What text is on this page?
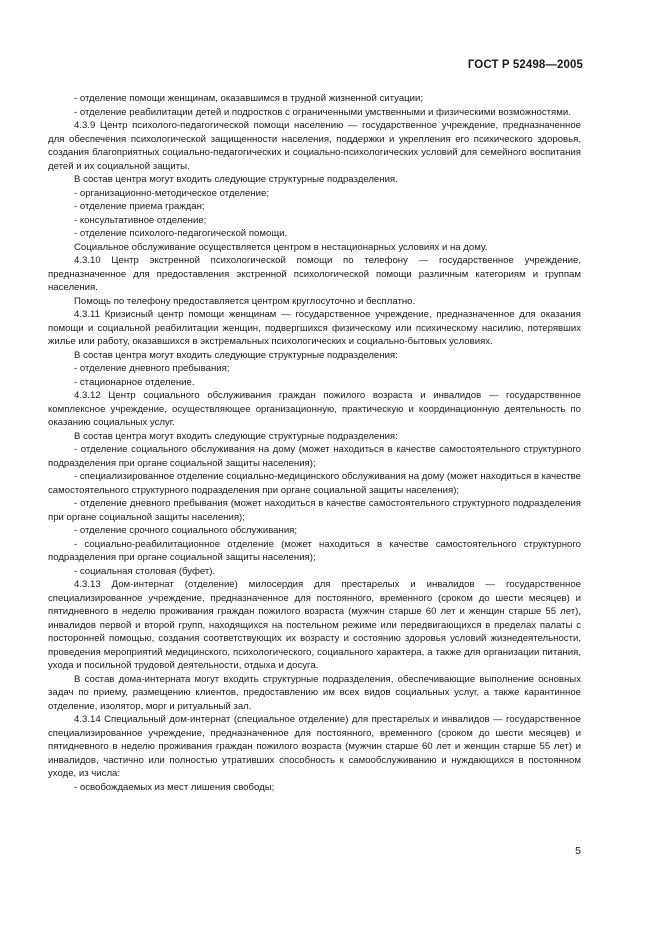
ГОСТ Р 52498—2005

- отделение помощи женщинам, оказавшимся в трудной жизненной ситуации;

- отделение реабилитации детей и подростков с ограниченными умственными и физическими возможностями.

4.3.9 Центр психолого-педагогической помощи населению — государственное учреждение, предназначенное для обеспечения психологической защищенности населения, поддержки и укрепления его психического здоровья, создания благоприятных социально-педагогических и социально-психологических условий для семейного воспитания детей и их социальной защиты.

В состав центра могут входить следующие структурные подразделения.

- организационно-методическое отделение;

- отделение приема граждан;

- консультативное отделение;

- отделение психолого-педагогической помощи.

Социальное обслуживание осуществляется центром в нестационарных условиях и на дому.

4.3.10 Центр экстренной психологической помощи по телефону — государственное учреждение, предназначенное для предоставления экстренной психологической помощи различным категориям и группам населения.

Помощь по телефону предоставляется центром круглосуточно и бесплатно.

4.3.11 Кризисный центр помощи женщинам — государственное учреждение, предназначенное для оказания помощи и социальной реабилитации женщин, подвергшихся физическому или психическому насилию, потерявших жилье или работу, оказавшихся в экстремальных психологических и социально-бытовых условиях.

В состав центра могут входить следующие структурные подразделения:

- отделение дневного пребывания;

- стационарное отделение.

4.3.12 Центр социального обслуживания граждан пожилого возраста и инвалидов — государственное комплексное учреждение, осуществляющее организационную, практическую и координационную деятельность по оказанию социальных услуг.

В состав центра могут входить следующие структурные подразделения:

- отделение социального обслуживания на дому (может находиться в качестве самостоятельного структурного подразделения при органе социальной защиты населения);

- специализированное отделение социально-медицинского обслуживания на дому (может находиться в качестве самостоятельного структурного подразделения при органе социальной защиты населения);

- отделение дневного пребывания (может находиться в качестве самостоятельного структурного подразделения при органе социальной защиты населения);

- отделение срочного социального обслуживания;

- социально-реабилитационное отделение (может находиться в качестве самостоятельного структурного подразделения при органе социальной защиты населения);

- социальная столовая (буфет).

4.3.13 Дом-интернат (отделение) милосердия для престарелых и инвалидов — государственное специализированное учреждение, предназначенное для постоянного, временного (сроком до шести месяцев) и пятидневного в неделю проживания граждан пожилого возраста (мужчин старше 60 лет и женщин старше 55 лет), инвалидов первой и второй групп, находящихся на постельном режиме или передвигающихся в пределах палаты с посторонней помощью, создания соответствующих их возрасту и состоянию здоровья условий жизнедеятельности, проведения мероприятий медицинского, психологического, социального характера, а также для организации питания, ухода и посильной трудовой деятельности, отдыха и досуга.

В состав дома-интерната могут входить структурные подразделения, обеспечивающие выполнение основных задач по приему, размещению клиентов, предоставлению им всех видов социальных услуг, а также карантинное отделение, изолятор, морг и ритуальный зал.

4.3.14 Специальный дом-интернат (специальное отделение) для престарелых и инвалидов — государственное специализированное учреждение, предназначенное для постоянного, временного (сроком до шести месяцев) и пятидневного в неделю проживания граждан пожилого возраста (мужчин старше 60 лет и женщин старше 55 лет) и инвалидов, частично или полностью утративших способность к самообслуживанию и нуждающихся в постоянном уходе, из числа:

- освобождаемых из мест лишения свободы;

5
